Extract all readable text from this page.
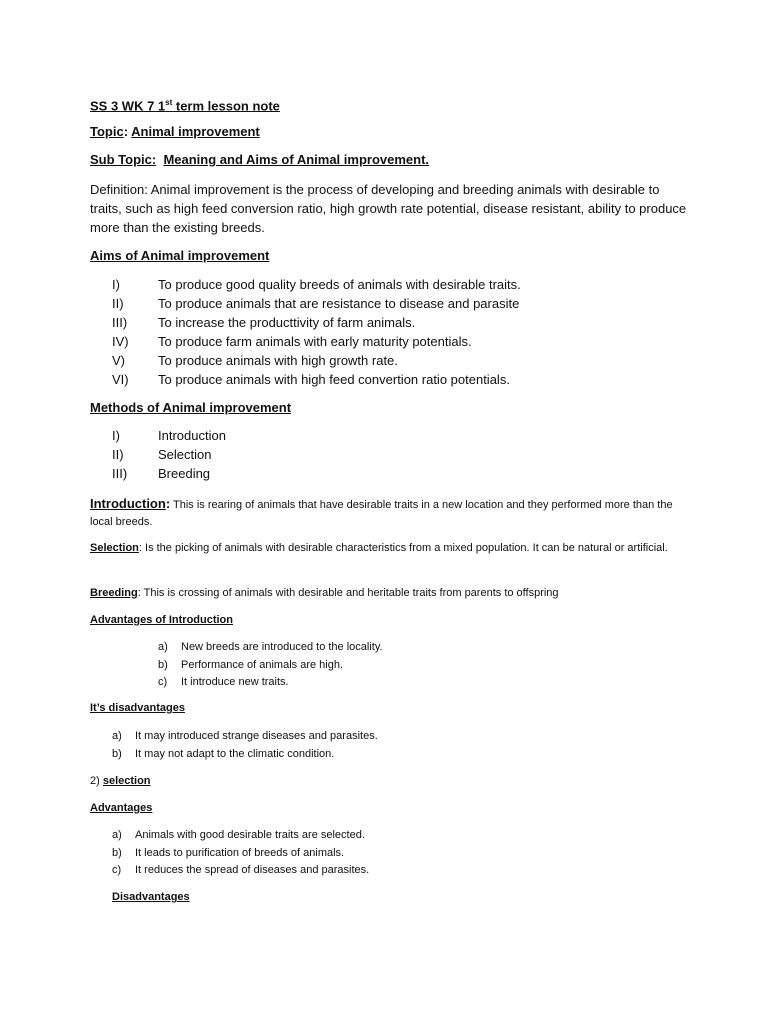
SS 3 WK 7 1st term lesson note

Topic: Animal improvement

Sub Topic: Meaning and Aims of Animal improvement.

Definition: Animal improvement is the process of developing and breeding animals with desirable to traits, such as high feed conversion ratio, high growth rate potential, disease resistant, ability to produce more than the existing breeds.

Aims of Animal improvement

I)	To produce good quality breeds of animals with desirable traits.
II)	To produce animals that are resistance to disease and parasite
III) To increase the producttivity of farm animals.
IV) To produce farm animals with early maturity potentials.
V)	To produce animals with high growth rate.
VI) To produce animals with high feed convertion ratio potentials.

Methods of Animal improvement

I)	Introduction
II)	Selection
III) Breeding

Introduction: This is rearing of animals that have desirable traits in a new location and they performed more than the local breeds.

Selection: Is the picking of animals with desirable characteristics from a mixed population. It can be natural or artificial.

Breeding: This is crossing of animals with desirable and heritable traits from parents to offspring

Advantages of Introduction

a) New breeds are introduced to the locality.
b) Performance of animals are high.
c) It introduce new traits.

It’s disadvantages

a) It may introduced strange diseases and parasites.
b) It may not adapt to the climatic condition.

2) selection

Advantages

a) Animals with good desirable traits are selected.
b) It leads to purification of breeds of animals.
c) It reduces the spread of diseases and parasites.

Disadvantages
